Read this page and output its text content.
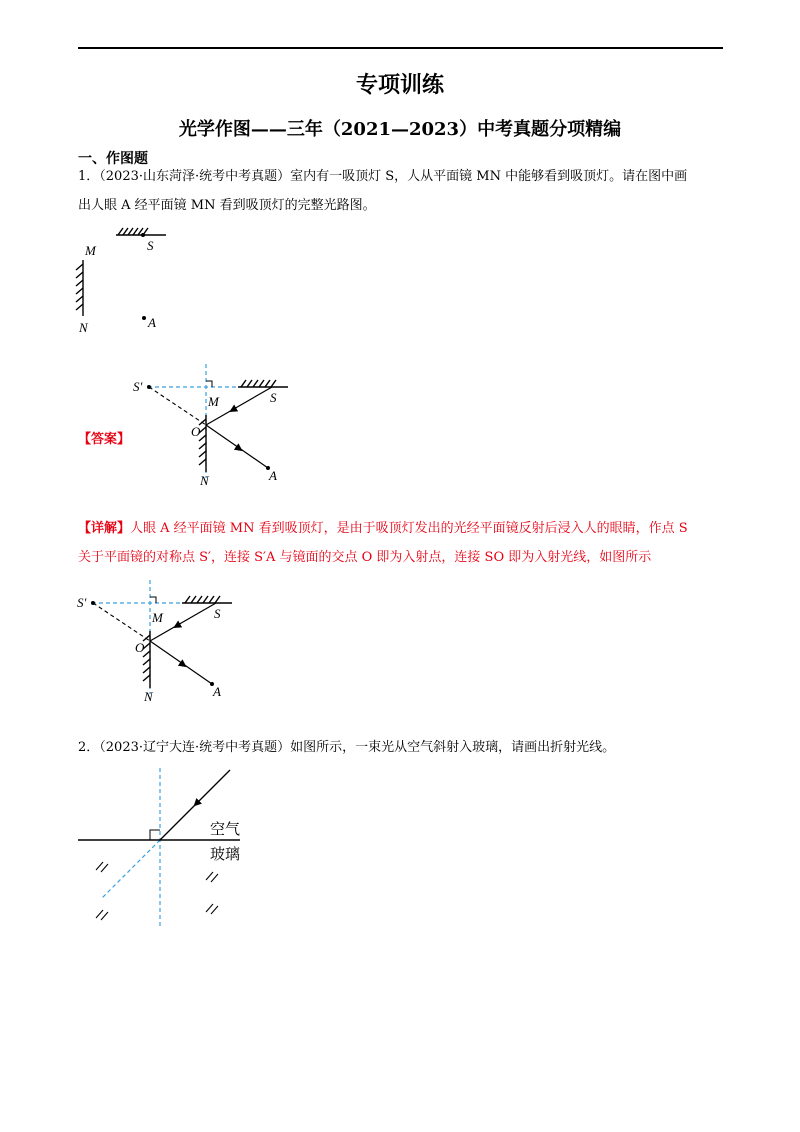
专项训练
光学作图——三年（2021—2023）中考真题分项精编
一、作图题
1．（2023·山东菏泽·统考中考真题）室内有一吸顶灯 S，人从平面镜 MN 中能够看到吸顶灯。请在图中画
出人眼 A 经平面镜 MN 看到吸顶灯的完整光路图。
S
M
N	A
【答案】
S′
M
O
N
S
A
【详解】人眼 A 经平面镜 MN 看到吸顶灯，是由于吸顶灯发出的光经平面镜反射后浸入人的眼睛，作点 S
关于平面镜的对称点 S′，连接 S′A 与镜面的交点 O 即为入射点，连接 SO 即为入射光线，如图所示
S′
M
O
N
S
A
2．（2023·辽宁大连·统考中考真题）如图所示，一束光从空气斜射入玻璃，请画出折射光线。
空气
玻璃
